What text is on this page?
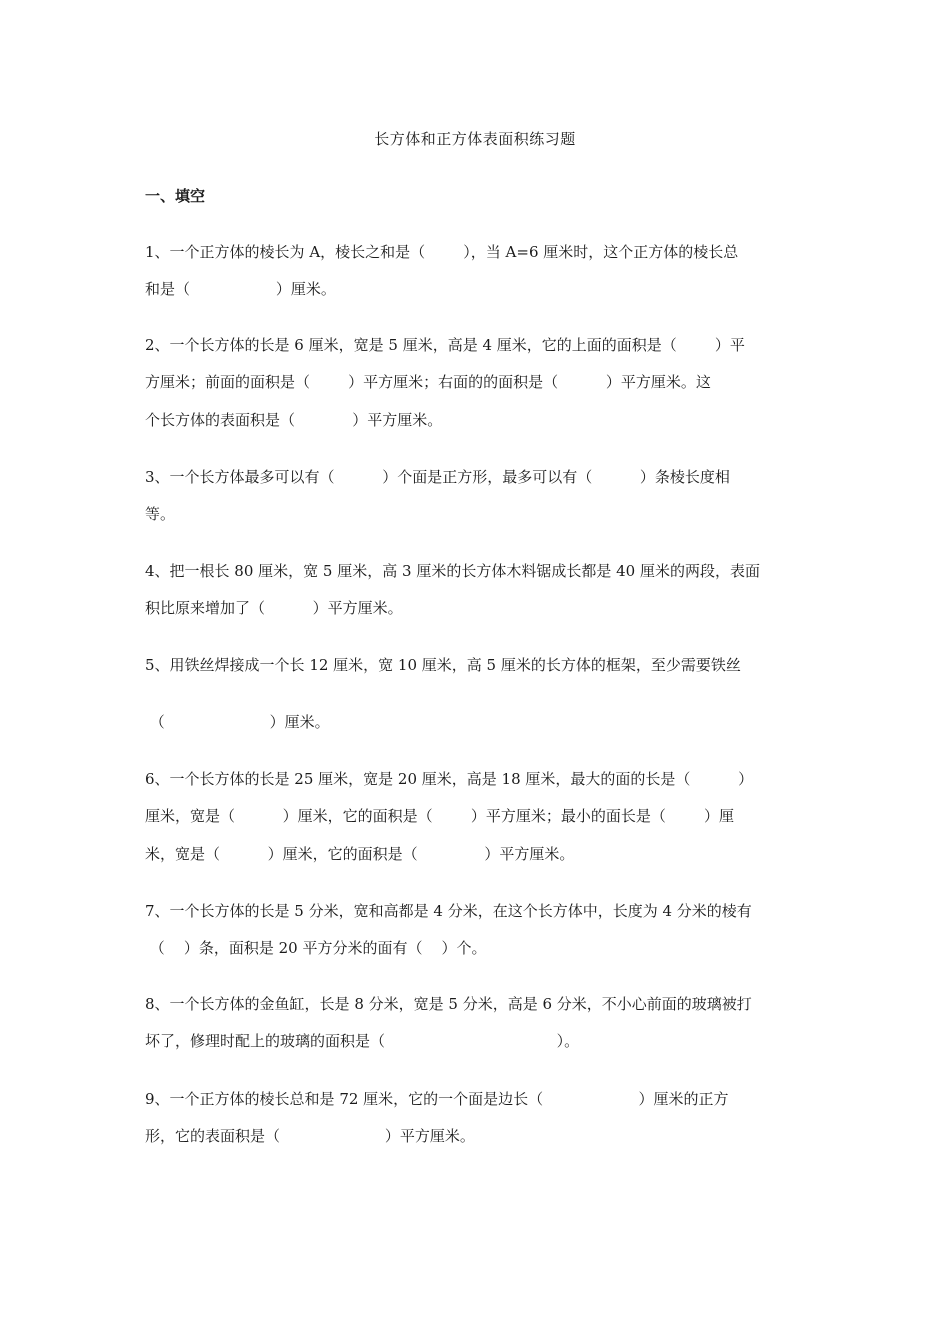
长方体和正方体表面积练习题
一、填空
1、一个正方体的棱长为 A，棱长之和是（        ），当 A=6 厘米时，这个正方体的棱长总
和是（                  ）厘米。
2、一个长方体的长是 6 厘米，宽是 5 厘米，高是 4 厘米，它的上面的面积是（        ）平
方厘米；前面的面积是（        ）平方厘米；右面的的面积是（          ）平方厘米。这
个长方体的表面积是（            ）平方厘米。
3、一个长方体最多可以有（          ）个面是正方形，最多可以有（          ）条棱长度相
等。
4、把一根长 80 厘米，宽 5 厘米，高 3 厘米的长方体木料锯成长都是 40 厘米的两段，表面
积比原来增加了（          ）平方厘米。
5、用铁丝焊接成一个长 12 厘米，宽 10 厘米，高 5 厘米的长方体的框架，至少需要铁丝
（                      ）厘米。
6、一个长方体的长是 25 厘米，宽是 20 厘米，高是 18 厘米，最大的面的长是（          ）
厘米，宽是（          ）厘米，它的面积是（        ）平方厘米；最小的面长是（        ）厘
米，宽是（          ）厘米，它的面积是（              ）平方厘米。
7、一个长方体的长是 5 分米，宽和高都是 4 分米，在这个长方体中，长度为 4 分米的棱有
（    ）条，面积是 20 平方分米的面有（    ）个。
8、一个长方体的金鱼缸，长是 8 分米，宽是 5 分米，高是 6 分米，不小心前面的玻璃被打
坏了，修理时配上的玻璃的面积是（                                    ）。
9、一个正方体的棱长总和是 72 厘米，它的一个面是边长（                    ）厘米的正方
形，它的表面积是（                      ）平方厘米。
